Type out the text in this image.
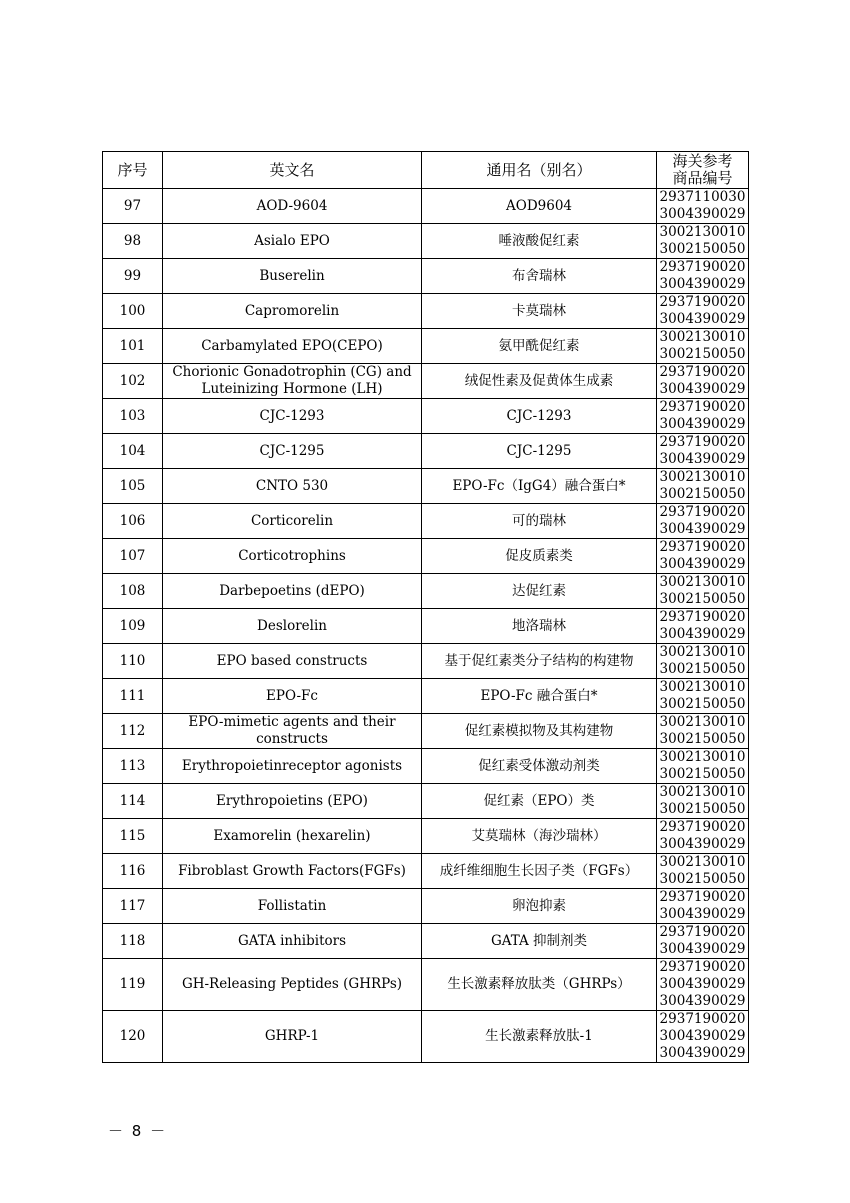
序号	英文名	通用名（别名）	海关参考
商品编号

97	AOD-9604	AOD9604	2937110030
3004390029

98	Asialo EPO	唾液酸促红素	3002130010
3002150050

99	Buserelin	布舍瑞林	2937190020
3004390029

100	Capromorelin	卡莫瑞林	2937190020
3004390029

101	Carbamylated EPO(CEPO)	氨甲酰促红素	3002130010
3002150050

102	Chorionic Gonadotrophin (CG) and Luteinizing Hormone (LH)	绒促性素及促黄体生成素	2937190020
3004390029

103	CJC-1293	CJC-1293	2937190020
3004390029

104	CJC-1295	CJC-1295	2937190020
3004390029

105	CNTO 530	EPO-Fc（IgG4）融合蛋白*	3002130010
3002150050

106	Corticorelin	可的瑞林	2937190020
3004390029

107	Corticotrophins	促皮质素类	2937190020
3004390029

108	Darbepoetins (dEPO)	达促红素	3002130010
3002150050

109	Deslorelin	地洛瑞林	2937190020
3004390029

110	EPO based constructs	基于促红素类分子结构的构建物	3002130010
3002150050

111	EPO-Fc	EPO-Fc 融合蛋白*	3002130010
3002150050

112	EPO-mimetic agents and their constructs	促红素模拟物及其构建物	3002130010
3002150050

113	Erythropoietinreceptor agonists	促红素受体激动剂类	3002130010
3002150050

114	Erythropoietins (EPO)	促红素（EPO）类	3002130010
3002150050

115	Examorelin (hexarelin)	艾莫瑞林（海沙瑞林）	2937190020
3004390029

116	Fibroblast Growth Factors(FGFs)	成纤维细胞生长因子类（FGFs）	3002130010
3002150050

117	Follistatin	卵泡抑素	2937190020
3004390029

118	GATA inhibitors	GATA 抑制剂类	2937190020
3004390029

119	GH-Releasing Peptides (GHRPs)	生长激素释放肽类（GHRPs）	2937190020
3004390029
3004390029

120	GHRP-1	生长激素释放肽-1	2937190020
3004390029
3004390029
－ 8 －
